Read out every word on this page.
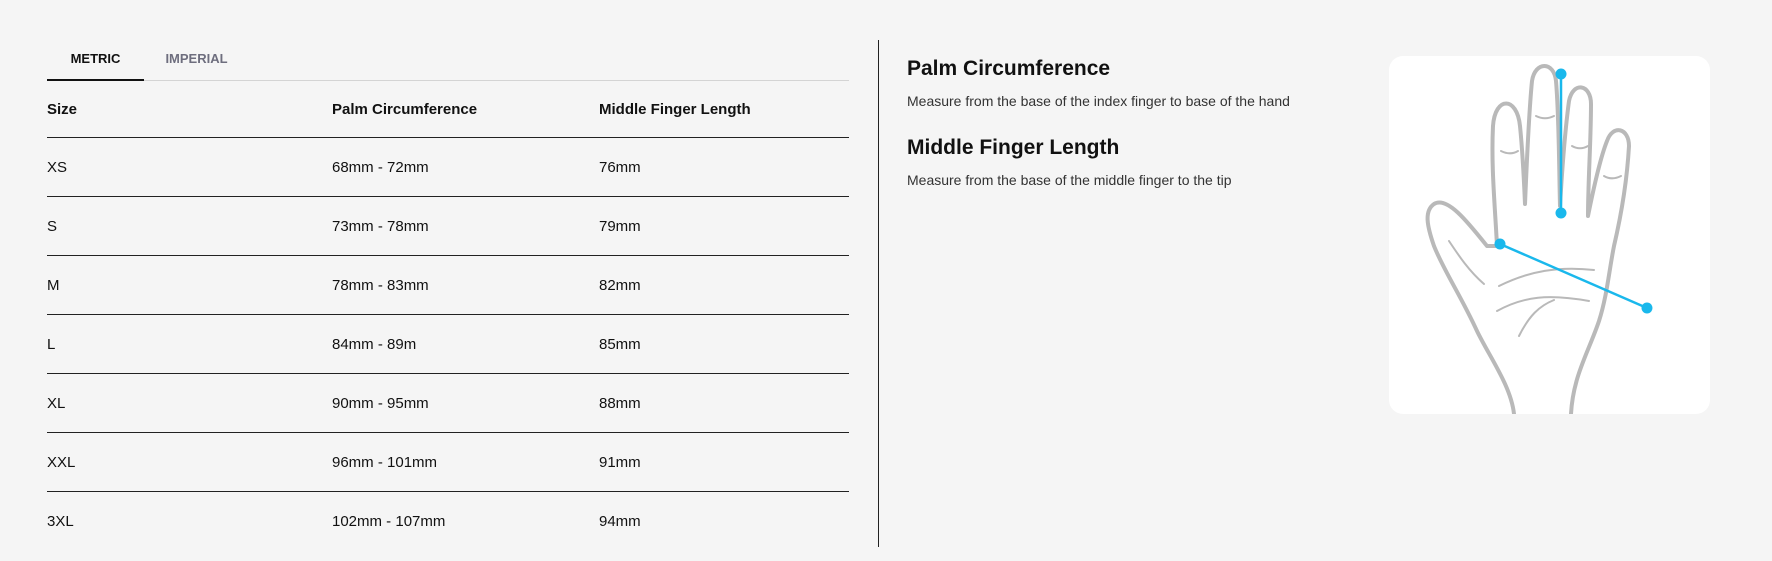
METRIC	IMPERIAL
Size	Palm Circumference	Middle Finger Length
XS	68mm - 72mm	76mm
S	73mm - 78mm	79mm
M	78mm - 83mm	82mm
L	84mm - 89m	85mm
XL	90mm - 95mm	88mm
XXL	96mm - 101mm	91mm
3XL	102mm - 107mm	94mm
Palm Circumference
Measure from the base of the index finger to base of the hand
Middle Finger Length
Measure from the base of the middle finger to the tip
